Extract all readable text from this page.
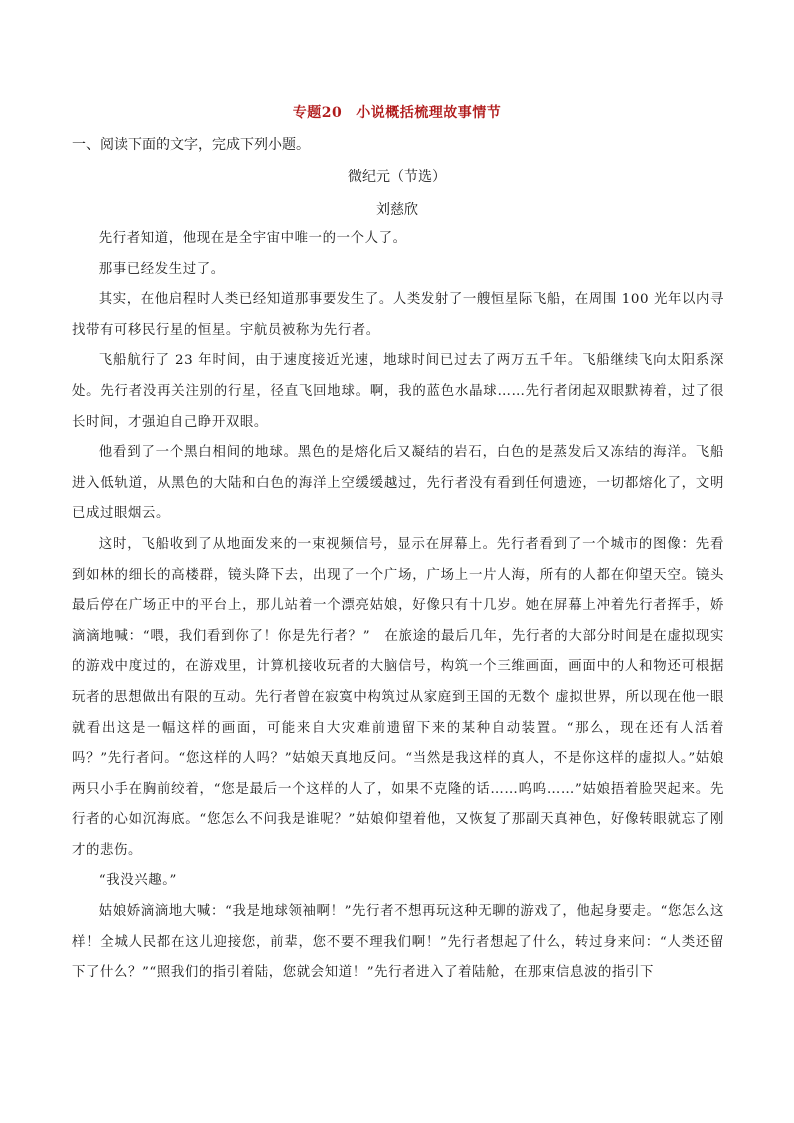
专题20 小说概括梳理故事情节
一、阅读下面的文字，完成下列小题。
微纪元（节选）
刘慈欣

先行者知道，他现在是全宇宙中唯一的一个人了。

那事已经发生过了。

其实，在他启程时人类已经知道那事要发生了。人类发射了一艘恒星际飞船，在周围 100 光年以内寻找带有可移民行星的恒星。宇航员被称为先行者。

飞船航行了 23 年时间，由于速度接近光速，地球时间已过去了两万五千年。飞船继续飞向太阳系深处。先行者没再关注别的行星，径直飞回地球。啊，我的蓝色水晶球……先行者闭起双眼默祷着，过了很长时间，才强迫自己睁开双眼。

他看到了一个黑白相间的地球。黑色的是熔化后又凝结的岩石，白色的是蒸发后又冻结的海洋。飞船进入低轨道，从黑色的大陆和白色的海洋上空缓缓越过，先行者没有看到任何遗迹，一切都熔化了，文明已成过眼烟云。

这时，飞船收到了从地面发来的一束视频信号，显示在屏幕上。先行者看到了一个城市的图像：先看到如林的细长的高楼群，镜头降下去，出现了一个广场，广场上一片人海，所有的人都在仰望天空。镜头最后停在广场正中的平台上，那儿站着一个漂亮姑娘，好像只有十几岁。她在屏幕上冲着先行者挥手，娇滴滴地喊：“喂，我们看到你了！你是先行者？”　在旅途的最后几年，先行者的大部分时间是在虚拟现实的游戏中度过的，在游戏里，计算机接收玩者的大脑信号，构筑一个三维画面，画面中的人和物还可根据玩者的思想做出有限的互动。先行者曾在寂寞中构筑过从家庭到王国的无数个 虚拟世界，所以现在他一眼就看出这是一幅这样的画面，可能来自大灾难前遗留下来的某种自动装置。“那么，现在还有人活着吗？”先行者问。“您这样的人吗？”姑娘天真地反问。“当然是我这样的真人，不是你这样的虚拟人。”姑娘两只小手在胸前绞着，“您是最后一个这样的人了，如果不克隆的话……呜呜……”姑娘捂着脸哭起来。先行者的心如沉海底。“您怎么不问我是谁呢？”姑娘仰望着他，又恢复了那副天真神色，好像转眼就忘了刚才的悲伤。

“我没兴趣。”

姑娘娇滴滴地大喊：“我是地球领袖啊！”先行者不想再玩这种无聊的游戏了，他起身要走。“您怎么这样！全城人民都在这儿迎接您，前辈，您不要不理我们啊！”先行者想起了什么，转过身来问：“人类还留下了什么？”“照我们的指引着陆，您就会知道！”先行者进入了着陆舱，在那束信息波的指引下
